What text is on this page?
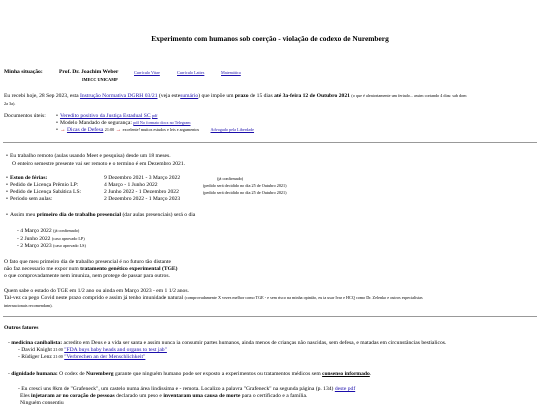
Experimento com humanos sob coerção - violação de codexo de Nuremberg
Minha situação:	Prof. Dr. Joachim Weber	Currículo Vitae	Currículo Lattes	Matemática
IMECC UNICAMP
Eu recebi hoje, 28 Sep 2023, esta Instrução Normativa DGRH 03/21 (veja estesumário) que impõe um prazo de 15 dias até 3a-feira 12 de Outubro 2021 (o que é aleatoriamente um feriado... assim cortando 4 dias: sab dom
2a 3a).
Documentos úteis:
•	Veredito positivo da Justiça Estadual SC pdf
• Modelo Mandado de segurança: pdf No formato docx no Telegram
• → Dicas de Defesa 21:00 → excelente! muitos estudos e leis e argumentos	Advogado pela Liberdade
• Eu trabalho remoto (aulas usando Meet e pesquisa) desde um 18 meses.
O enteiro semestre presente vai ser remoto e o termino é em Dezembro 2021.
• Eston de férias:	9 Dezembro 2021 - 3 Março 2022	(já confirmado)
• Pedido de Licença Prêmio LP:	4 Março - 1 Junho 2022	(pedido será decidido no dia 25 de Outubro 2021)
• Pedido de Licença Sabática LS:	2 Junho 2022 - 1 Dezembro 2022	(pedido será decidido no dia 25 de Outubro 2021)
• Periodo sem aulas:	2 Dezembro 2022 - 1 Março 2023
• Assim meu primeiro dia de trabalho presencial (dar aulas presenciais) será o dia
- 4 Março 2022 (já confirmado)
- 2 Junho 2022 (caso aprovado LP)
- 2 Março 2023 (caso aprovado LS)
O fato que meu primeiro dia de trabalho presencial é no futuro tão distante
não faz necessario me expor num tratamento genético experimental (TGE)
o que comprovadamente nem imuniza, nem protege de passar para outros.
Quem sabe o estado do TGE em 1/2 ano ou ainda em Março 2023 - em 1 1/2 anos.
Tal-vez ca pego Covid neste prazo comprido e assim já tenho imunidade natural (comprovadamente X vezes melhor como TGE - e sem risco na minha opinião, eu ia usar Ivar e HCQ como Dr. Zelenko e outros especialistas
internacionais recomendam).
Outros fatores
- medicina canibalista: acredito em Deus e a vida ser santa e assim nunca ia consumir partes humanos, ainda menos de crianças não nascidas, sem defesa, e matadas em circunstâncias bestialicos.
- David Knight 21:00 "FDA buys baby heads and organs to test jab"
- Rüdiger Lenz 21:00 "Verbrechen an der Menschlichkeit"
- dignidade humana: O codex de Nuremberg garante que ninguém humano pode ser exposto a experimentos ou tratamentos médicos sem consenso informado.
- Eu cresci uns 8km de "Grafeneck", um castelo numa área lindissima e - remota. Localizo a palavra "Grafeneck" na segunda página (p. 134) deste pdf
Eles injetaram ar no coração de pessoas declarado um peso e inventaram uma causa de morte para o certificado e a família.
Ninguém consentiu
